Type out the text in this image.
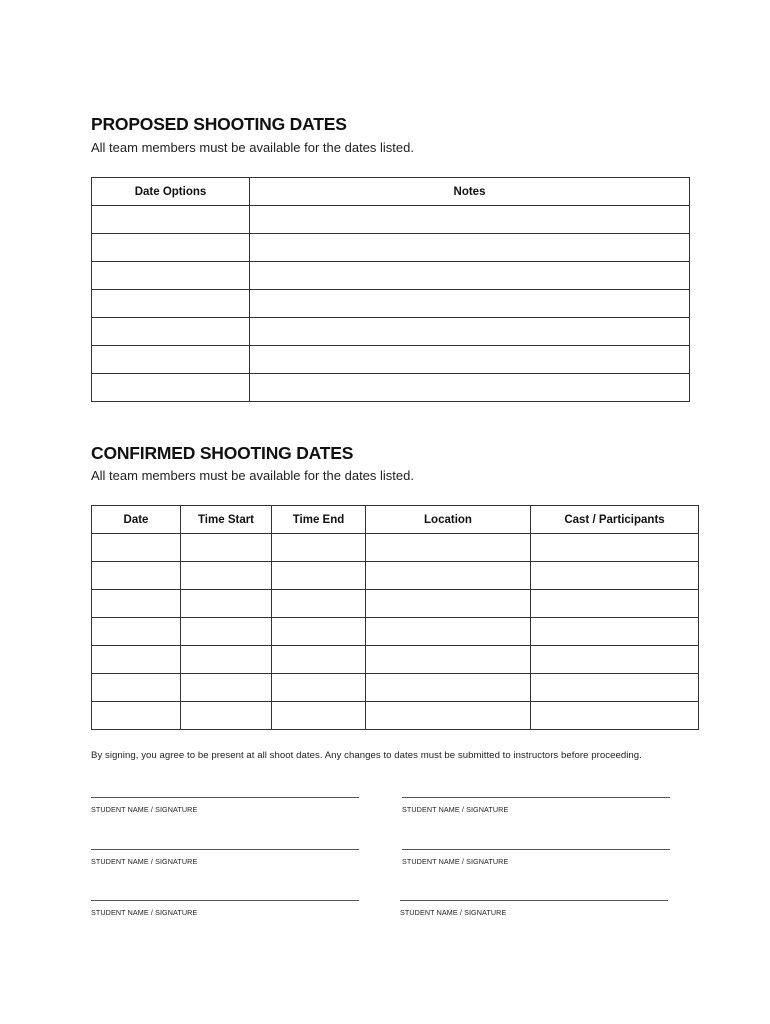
PROPOSED SHOOTING DATES

All team members must be available for the dates listed.

Date Options	Notes

CONFIRMED SHOOTING DATES

All team members must be available for the dates listed.

Date	Time Start	Time End	Location	Cast / Participants

By signing, you agree to be present at all shoot dates. Any changes to dates must be submitted to instructors before proceeding.

STUDENT NAME / SIGNATURE	STUDENT NAME / SIGNATURE
STUDENT NAME / SIGNATURE	STUDENT NAME / SIGNATURE
STUDENT NAME / SIGNATURE	STUDENT NAME / SIGNATURE
